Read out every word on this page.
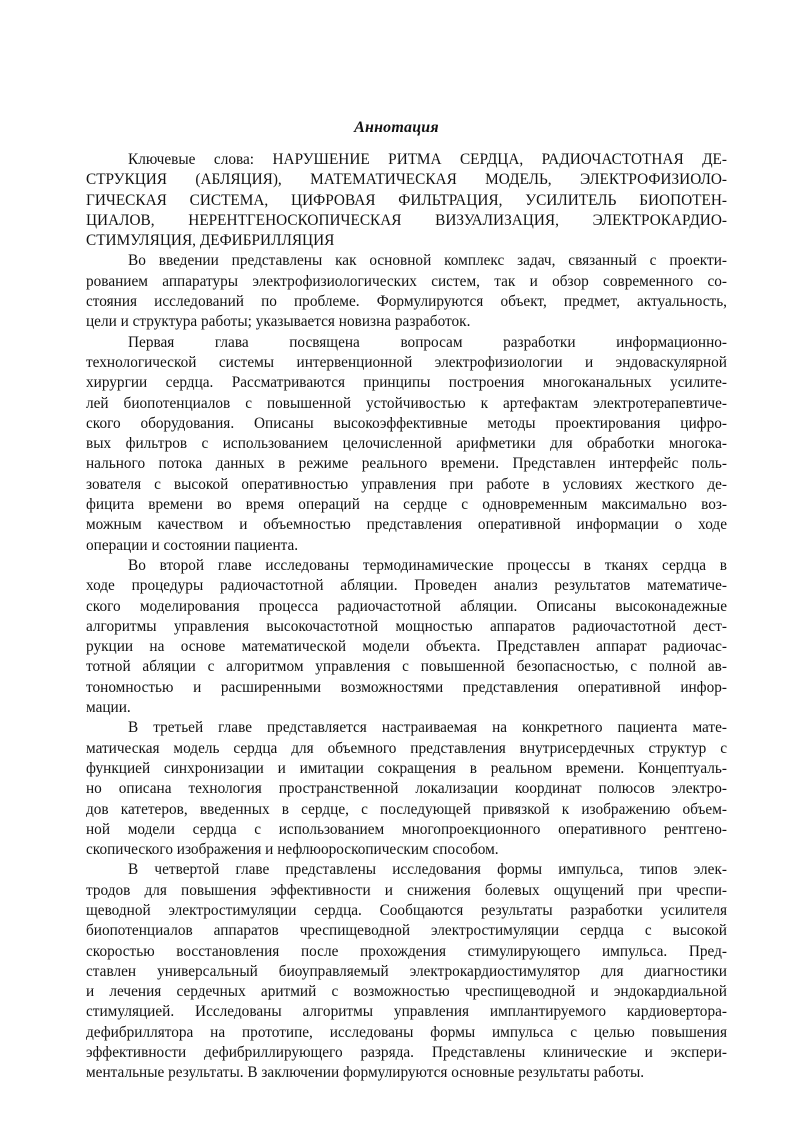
Аннотация
Ключевые слова: НАРУШЕНИЕ РИТМА СЕРДЦА, РАДИОЧАСТОТНАЯ ДЕ-
СТРУКЦИЯ (АБЛЯЦИЯ), МАТЕМАТИЧЕСКАЯ МОДЕЛЬ, ЭЛЕКТРОФИЗИОЛО-
ГИЧЕСКАЯ СИСТЕМА, ЦИФРОВАЯ ФИЛЬТРАЦИЯ, УСИЛИТЕЛЬ БИОПОТЕН-
ЦИАЛОВ, НЕРЕНТГЕНОСКОПИЧЕСКАЯ ВИЗУАЛИЗАЦИЯ, ЭЛЕКТРОКАРДИО-
СТИМУЛЯЦИЯ, ДЕФИБРИЛЛЯЦИЯ
Во введении представлены как основной комплекс задач, связанный с проекти-
рованием аппаратуры электрофизиологических систем, так и обзор современного со-
стояния исследований по проблеме. Формулируются объект, предмет, актуальность,
цели и структура работы; указывается новизна разработок.
Первая глава посвящена вопросам разработки информационно-
технологической системы интервенционной электрофизиологии и эндоваскулярной
хирургии сердца. Рассматриваются принципы построения многоканальных усилите-
лей биопотенциалов с повышенной устойчивостью к артефактам электротерапевтиче-
ского оборудования. Описаны высокоэффективные методы проектирования цифро-
вых фильтров с использованием целочисленной арифметики для обработки многока-
нального потока данных в режиме реального времени. Представлен интерфейс поль-
зователя с высокой оперативностью управления при работе в условиях жесткого де-
фицита времени во время операций на сердце с одновременным максимально воз-
можным качеством и объемностью представления оперативной информации о ходе
операции и состоянии пациента.
Во второй главе исследованы термодинамические процессы в тканях сердца в
ходе процедуры радиочастотной абляции. Проведен анализ результатов математиче-
ского моделирования процесса радиочастотной абляции. Описаны высоконадежные
алгоритмы управления высокочастотной мощностью аппаратов радиочастотной дест-
рукции на основе математической модели объекта. Представлен аппарат радиочас-
тотной абляции с алгоритмом управления с повышенной безопасностью, с полной ав-
тономностью и расширенными возможностями представления оперативной инфор-
мации.
В третьей главе представляется настраиваемая на конкретного пациента мате-
матическая модель сердца для объемного представления внутрисердечных структур с
функцией синхронизации и имитации сокращения в реальном времени. Концептуаль-
но описана технология пространственной локализации координат полюсов электро-
дов катетеров, введенных в сердце, с последующей привязкой к изображению объем-
ной модели сердца с использованием многопроекционного оперативного рентгено-
скопического изображения и нефлюороскопическим способом.
В четвертой главе представлены исследования формы импульса, типов элек-
тродов для повышения эффективности и снижения болевых ощущений при чреспи-
щеводной электростимуляции сердца. Сообщаются результаты разработки усилителя
биопотенциалов аппаратов чреспищеводной электростимуляции сердца с высокой
скоростью восстановления после прохождения стимулирующего импульса. Пред-
ставлен универсальный биоуправляемый электрокардиостимулятор для диагностики
и лечения сердечных аритмий с возможностью чреспищеводной и эндокардиальной
стимуляцией. Исследованы алгоритмы управления имплантируемого кардиовертора-
дефибриллятора на прототипе, исследованы формы импульса с целью повышения
эффективности дефибриллирующего разряда. Представлены клинические и экспери-
ментальные результаты. В заключении формулируются основные результаты работы.
